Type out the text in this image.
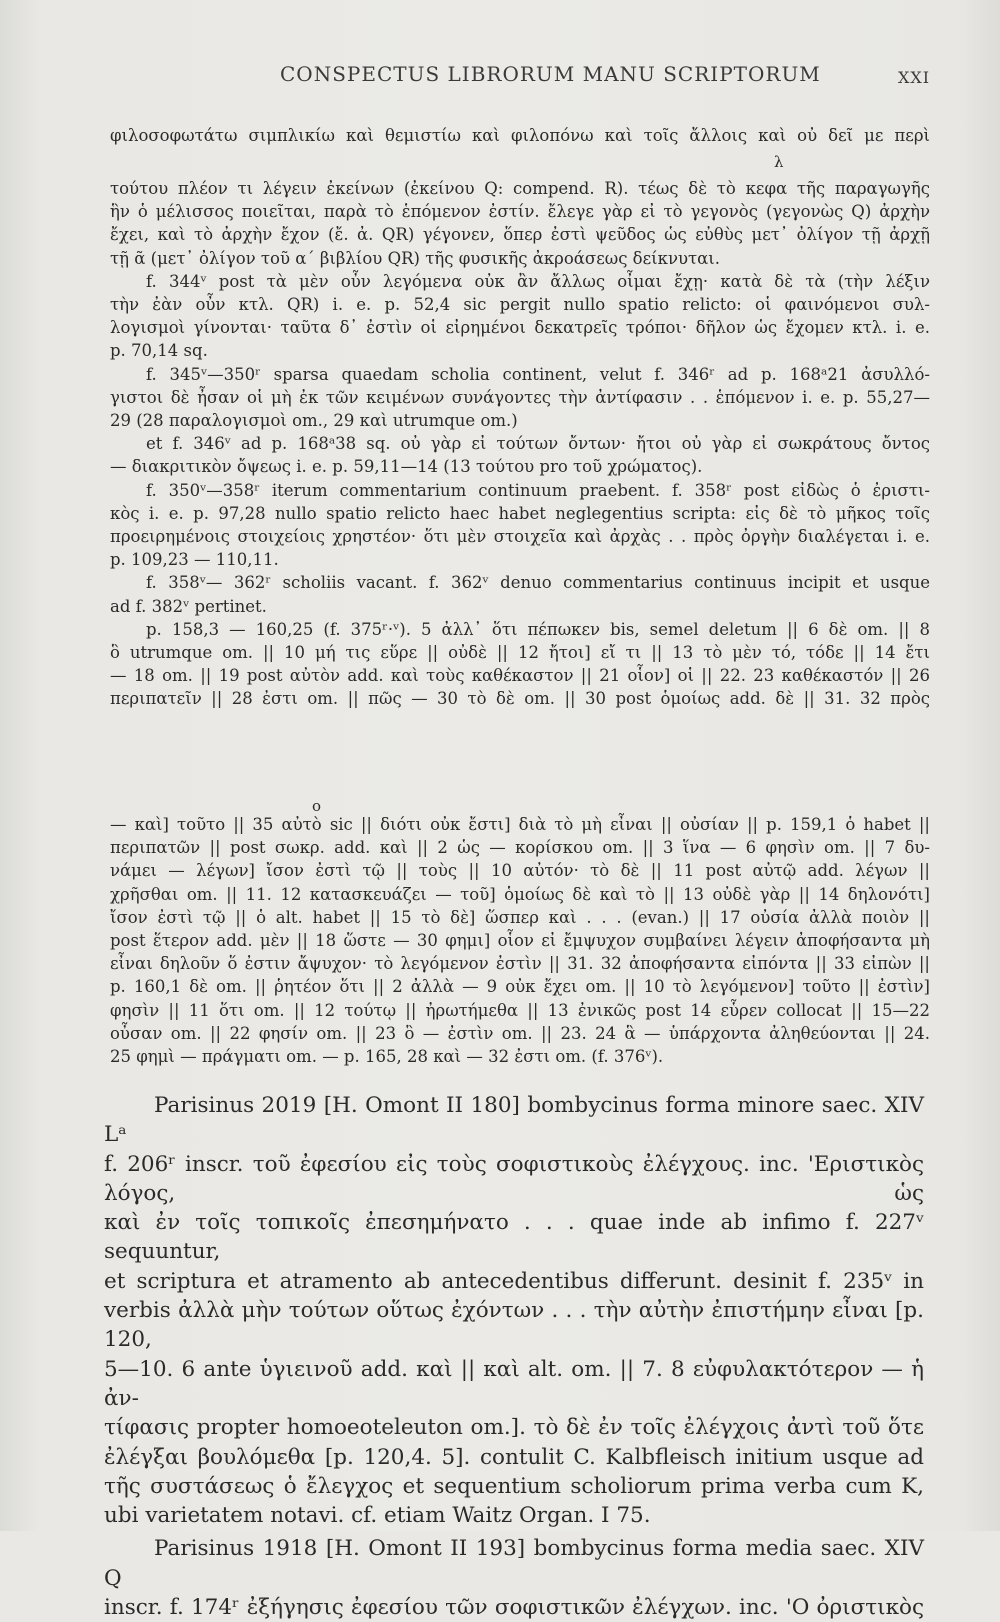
CONSPECTUS LIBRORUM MANU SCRIPTORUM	XXI
λ
ο

φιλοσοφωτάτω σιμπλικίω καὶ θεμιστίω καὶ φιλοπόνω καὶ τοῖς ἄλλοις καὶ οὐ δεῖ με περὶ

τούτου πλέον τι λέγειν ἐκείνων (ἐκείνου Q: compend. R). τέως δὲ τὸ κεφα τῆς παραγωγῆς

ἣν ὁ μέλισσος ποιεῖται, παρὰ τὸ ἑπόμενον ἐστίν. ἔλεγε γὰρ εἰ τὸ γεγονὸς (γεγονὼς Q) ἀρχὴν

ἔχει, καὶ τὸ ἀρχὴν ἔχον (ἔ. ἀ. QR) γέγονεν, ὅπερ ἐστὶ ψεῦδος ὡς εὐθὺς μετ᾿ ὀλίγον τῇ ἀρχῇ

τῇ ᾶ (μετ᾿ ὀλίγον τοῦ α΄ βιβλίου QR) τῆς φυσικῆς ἀκροάσεως δείκνυται.

f. 344ᵛ post τὰ μὲν οὖν λεγόμενα οὐκ ἂν ἄλλως οἶμαι ἔχῃ· κατὰ δὲ τὰ (τὴν λέξιν

τὴν ἐὰν οὖν κτλ. QR) i. e. p. 52,4 sic pergit nullo spatio relicto: οἱ φαινόμενοι συλ-

λογισμοὶ γίνονται· ταῦτα δ᾿ ἐστὶν οἱ εἰρημένοι δεκατρεῖς τρόποι· δῆλον ὡς ἔχομεν κτλ. i. e.

p. 70,14 sq.

f. 345ᵛ—350ʳ sparsa quaedam scholia continent, velut f. 346ʳ ad p. 168ᵃ21 ἀσυλλό-

γιστοι δὲ ἦσαν οἱ μὴ ἐκ τῶν κειμένων συνάγοντες τὴν ἀντίφασιν . . ἑπόμενον i. e. p. 55,27—

29 (28 παραλογισμοὶ om., 29 καὶ utrumque om.)

et f. 346ᵛ ad p. 168ᵃ38 sq. οὐ γὰρ εἰ τούτων ὄντων· ἤτοι οὐ γὰρ εἰ σωκράτους ὄντος

— διακριτικὸν ὄψεως i. e. p. 59,11—14 (13 τούτου pro τοῦ χρώματος).

f. 350ᵛ—358ʳ iterum commentarium continuum praebent. f. 358ʳ post εἰδὼς ὁ ἐριστι-

κὸς i. e. p. 97,28 nullo spatio relicto haec habet neglegentius scripta: εἰς δὲ τὸ μῆκος τοῖς

προειρημένοις στοιχείοις χρηστέον· ὅτι μὲν στοιχεῖα καὶ ἀρχὰς . . πρὸς ὀργὴν διαλέγεται i. e.

p. 109,23 — 110,11.

f. 358ᵛ— 362ʳ scholiis vacant. f. 362ᵛ denuo commentarius continuus incipit et usque

ad f. 382ᵛ pertinet.

p. 158,3 — 160,25 (f. 375ʳ·ᵛ). 5 ἀλλ᾿ ὅτι πέπωκεν bis, semel deletum || 6 δὲ om. || 8

ὃ utrumque om. || 10 μή τις εὕρε || οὐδὲ || 12 ἤτοι] εἴ τι || 13 τὸ μὲν τό, τόδε || 14 ἔτι

— 18 om. || 19 post αὐτὸν add. καὶ τοὺς καθέκαστον || 21 οἷον] οἱ || 22. 23 καθέκαστόν || 26

περιπατεῖν || 28 ἐστι om. || πῶς — 30 τὸ δὲ om. || 30 post ὁμοίως add. δὲ || 31. 32 πρὸς

— καὶ] τοῦτο || 35 αὐτὸ sic || διότι οὐκ ἔστι] διὰ τὸ μὴ εἶναι || οὐσίαν || p. 159,1 ὁ habet ||

περιπατῶν || post σωκρ. add. καὶ || 2 ὡς — κορίσκου om. || 3 ἵνα — 6 φησὶν om. || 7 δυ-

νάμει — λέγων] ἴσον ἐστὶ τῷ || τοὺς || 10 αὐτόν· τὸ δὲ || 11 post αὐτῷ add. λέγων ||

χρῆσθαι om. || 11. 12 κατασκευάζει — τοῦ] ὁμοίως δὲ καὶ τὸ || 13 οὐδὲ γὰρ || 14 δηλονότι]

ἴσον ἐστὶ τῷ || ὁ alt. habet || 15 τὸ δὲ] ὥσπερ καὶ . . . (evan.) || 17 οὐσία ἀλλὰ ποιὸν ||

post ἕτερον add. μὲν || 18 ὥστε — 30 φημι] οἷον εἰ ἔμψυχον συμβαίνει λέγειν ἀποφήσαντα μὴ

εἶναι δηλοῦν ὅ ἐστιν ἄψυχον· τὸ λεγόμενον ἐστὶν || 31. 32 ἀποφήσαντα εἰπόντα || 33 εἰπὼν ||

p. 160,1 δὲ om. || ῥητέον ὅτι || 2 ἀλλὰ — 9 οὐκ ἔχει om. || 10 τὸ λεγόμενον] τοῦτο || ἐστὶν]

φησὶν || 11 ὅτι om. || 12 τούτῳ || ἠρωτήμεθα || 13 ἐνικῶς post 14 εὗρεν collocat || 15—22

οὖσαν om. || 22 φησίν om. || 23 ὃ — ἐστὶν om. || 23. 24 ἃ — ὑπάρχοντα ἀληθεύονται || 24.

25 φημὶ — πράγματι om. — p. 165, 28 καὶ — 32 ἐστι om. (f. 376ᵛ).

Parisinus 2019 [H. Omont II 180] bombycinus forma minore saec. XIV Lᵃ

f. 206ʳ inscr. τοῦ ἐφεσίου εἰς τοὺς σοφιστικοὺς ἐλέγχους. inc. 'Εριστικὸς λόγος, ὡς

καὶ ἐν τοῖς τοπικοῖς ἐπεσημήνατο . . . quae inde ab infimo f. 227ᵛ sequuntur,

et scriptura et atramento ab antecedentibus differunt. desinit f. 235ᵛ in

verbis ἀλλὰ μὴν τούτων οὕτως ἐχόντων . . . τὴν αὐτὴν ἐπιστήμην εἶναι [p. 120,

5—10. 6 ante ὑγιεινοῦ add. καὶ || καὶ alt. om. || 7. 8 εὐφυλακτότερον — ἡ ἀν-

τίφασις propter homoeoteleuton om.]. τὸ δὲ ἐν τοῖς ἐλέγχοις ἀντὶ τοῦ ὅτε

ἐλέγξαι βουλόμεθα [p. 120,4. 5]. contulit C. Kalbfleisch initium usque ad

τῆς συστάσεως ὁ ἔλεγχος et sequentium scholiorum prima verba cum K,

ubi varietatem notavi. cf. etiam Waitz Organ. I 75.

Parisinus 1918 [H. Omont II 193] bombycinus forma media saec. XIV Q

inscr. f. 174ʳ ἐξήγησις ἐφεσίου τῶν σοφιστικῶν ἐλέγχων. inc. 'Ο ὀριστικὸς
